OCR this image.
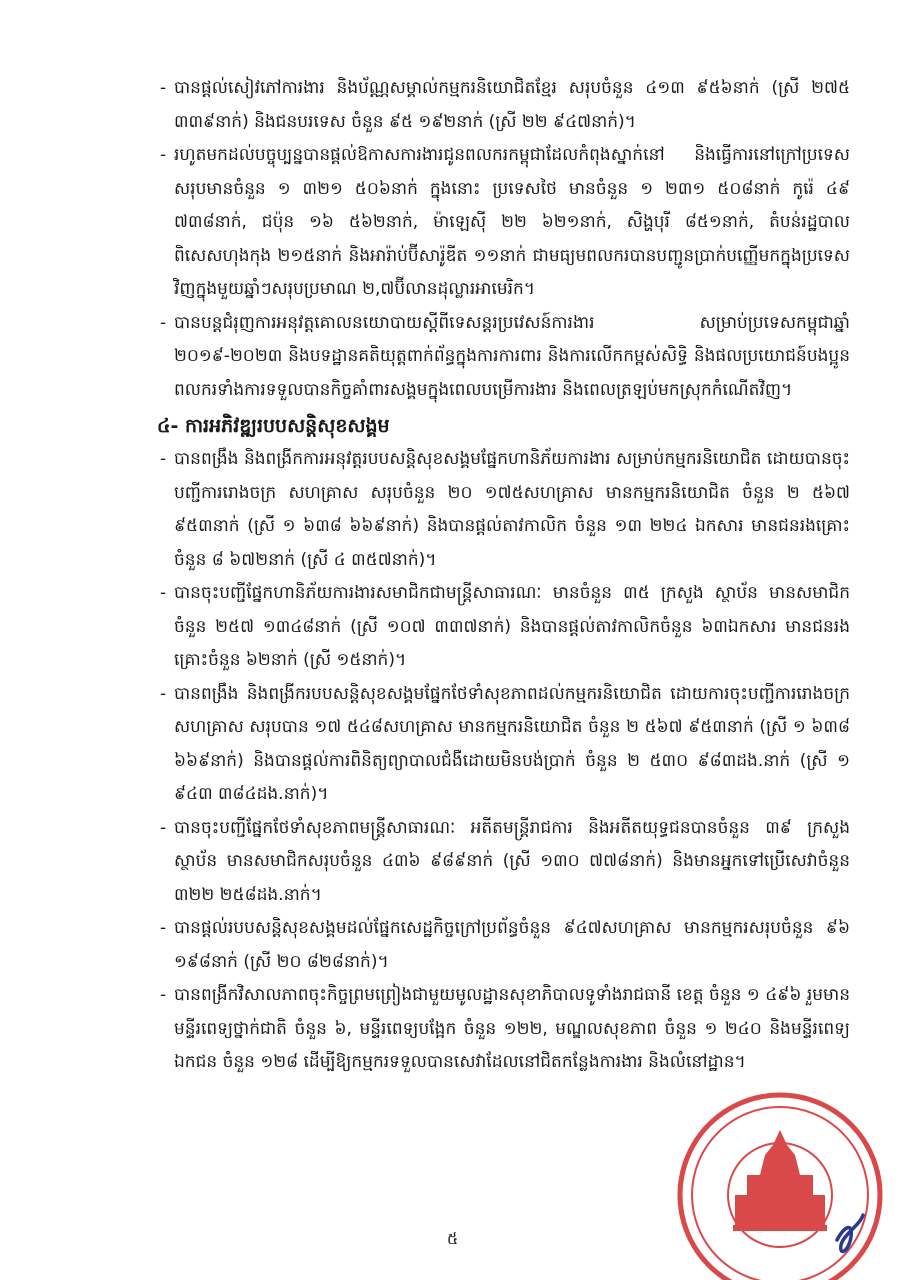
- បានផ្តល់សៀវភៅការងារ និងប័ណ្ណសម្គាល់កម្មករនិយោជិតខ្មែរ សរុបចំនួន ៤១៣ ៩៥៦នាក់ (ស្រី ២៧៥ ៣៣៩នាក់) និងជនបរទេស ចំនួន ៩៥ ១៩២នាក់ (ស្រី ២២ ៩៤៧នាក់)។

- រហូតមកដល់បច្ចុប្បន្នបានផ្តល់ឱកាសការងារជូនពលករកម្ពុជាដែលកំពុងស្នាក់នៅ និងធ្វើការនៅក្រៅប្រទេស សរុបមានចំនួន ១ ៣២១ ៥០៦នាក់ ក្នុងនោះ ប្រទេសថៃ មានចំនួន ១ ២៣១ ៥០៨នាក់ កូរ៉េ ៤៩ ៧៣៨នាក់, ជប៉ុន ១៦ ៥៦២នាក់, ម៉ាឡេស៊ី ២២ ៦២១នាក់, សិង្ហបុរី ៨៥១នាក់, តំបន់រដ្ឋបាលពិសេសហុងកុង ២១៥នាក់ និងអារ៉ាប់ប៊ីសារ៉ូឌីត ១១នាក់ ជាមធ្យមពលករបានបញ្ជូនប្រាក់បញ្ញើមកក្នុងប្រទេសវិញក្នុងមួយឆ្នាំៗសរុបប្រមាណ ២,៧ប៊ីលានដុល្លារអាមេរិក។

- បានបន្តជំរុញការអនុវត្តគោលនយោបាយស្តីពីទេសន្តរប្រវេសន៍ការងារ សម្រាប់ប្រទេសកម្ពុជាឆ្នាំ ២០១៩-២០២៣ និងបទដ្ឋានគតិយុត្តពាក់ព័ន្ធក្នុងការការពារ និងការលើកកម្ពស់សិទ្ធិ និងផលប្រយោជន៍បងប្អូនពលករទាំងការទទួលបានកិច្ចគាំពារសង្គមក្នុងពេលបម្រើការងារ និងពេលត្រឡប់មកស្រុកកំណើតវិញ។

៤- ការអភិវឌ្ឍរបបសន្តិសុខសង្គម

- បានពង្រឹង និងពង្រីកការអនុវត្តរបបសន្តិសុខសង្គមផ្នែកហានិភ័យការងារ សម្រាប់កម្មករនិយោជិត ដោយបានចុះបញ្ជីការរោងចក្រ សហគ្រាស សរុបចំនួន ២០ ១៧៥សហគ្រាស មានកម្មករនិយោជិត ចំនួន ២ ៥៦៧ ៩៥៣នាក់ (ស្រី ១ ៦៣៨ ៦៦៩នាក់) និងបានផ្តល់តាវកាលិក ចំនួន ១៣ ២២៤ ឯកសារ មានជនរងគ្រោះចំនួន ៨ ៦៧២នាក់ (ស្រី ៤ ៣៥៧នាក់)។

- បានចុះបញ្ជីផ្នែកហានិភ័យការងារសមាជិកជាមន្ត្រីសាធារណៈ មានចំនួន ៣៥ ក្រសួង ស្ថាប័ន មានសមាជិក ចំនួន ២៥៧ ១៣៤៨នាក់ (ស្រី ១០៧ ៣៣៧នាក់) និងបានផ្តល់តាវកាលិកចំនួន ៦៣ឯកសារ មានជនរងគ្រោះចំនួន ៦២នាក់ (ស្រី ១៥នាក់)។

- បានពង្រឹង និងពង្រីករបបសន្តិសុខសង្គមផ្នែកថែទាំសុខភាពដល់កម្មករនិយោជិត ដោយការចុះបញ្ជីការរោងចក្រ សហគ្រាស សរុបបាន ១៧ ៥៤៨សហគ្រាស មានកម្មករនិយោជិត ចំនួន ២ ៥៦៧ ៩៥៣នាក់ (ស្រី ១ ៦៣៨ ៦៦៩នាក់) និងបានផ្តល់ការពិនិត្យព្យាបាលជំងឺដោយមិនបង់ប្រាក់ ចំនួន ២ ៥៣០ ៩៨៣ដង.នាក់ (ស្រី ១ ៩៤៣ ៣៨៤ដង.នាក់)។

- បានចុះបញ្ជីផ្នែកថែទាំសុខភាពមន្ត្រីសាធារណៈ អតីតមន្ត្រីរាជការ និងអតីតយុទ្ធជនបានចំនួន ៣៩ ក្រសួង ស្ថាប័ន មានសមាជិកសរុបចំនួន ៤៣៦ ៩៨៩នាក់ (ស្រី ១៣០ ៧៧៨នាក់) និងមានអ្នកទៅប្រើសេវាចំនួន ៣២២ ២៥៨ដង.នាក់។

- បានផ្តល់របបសន្តិសុខសង្គមដល់ផ្នែកសេដ្ឋកិច្ចក្រៅប្រព័ន្ធចំនួន ៩៤៧សហគ្រាស មានកម្មករសរុបចំនួន ៩៦ ១៩៨នាក់ (ស្រី ២០ ៨២៨នាក់)។

- បានពង្រីកវិសាលភាពចុះកិច្ចព្រមព្រៀងជាមួយមូលដ្ឋានសុខាភិបាលទូទាំងរាជធានី ខេត្ត ចំនួន ១ ៤៩៦ រួមមាន មន្ទីរពេទ្យថ្នាក់ជាតិ ចំនួន ៦, មន្ទីរពេទ្យបង្អែក ចំនួន ១២២, មណ្ឌលសុខភាព ចំនួន ១ ២៤០ និងមន្ទីរពេទ្យឯកជន ចំនួន ១២៨ ដើម្បីឱ្យកម្មករទទួលបានសេវាដែលនៅជិតកន្លែងការងារ និងលំនៅដ្ឋាន។

៥
